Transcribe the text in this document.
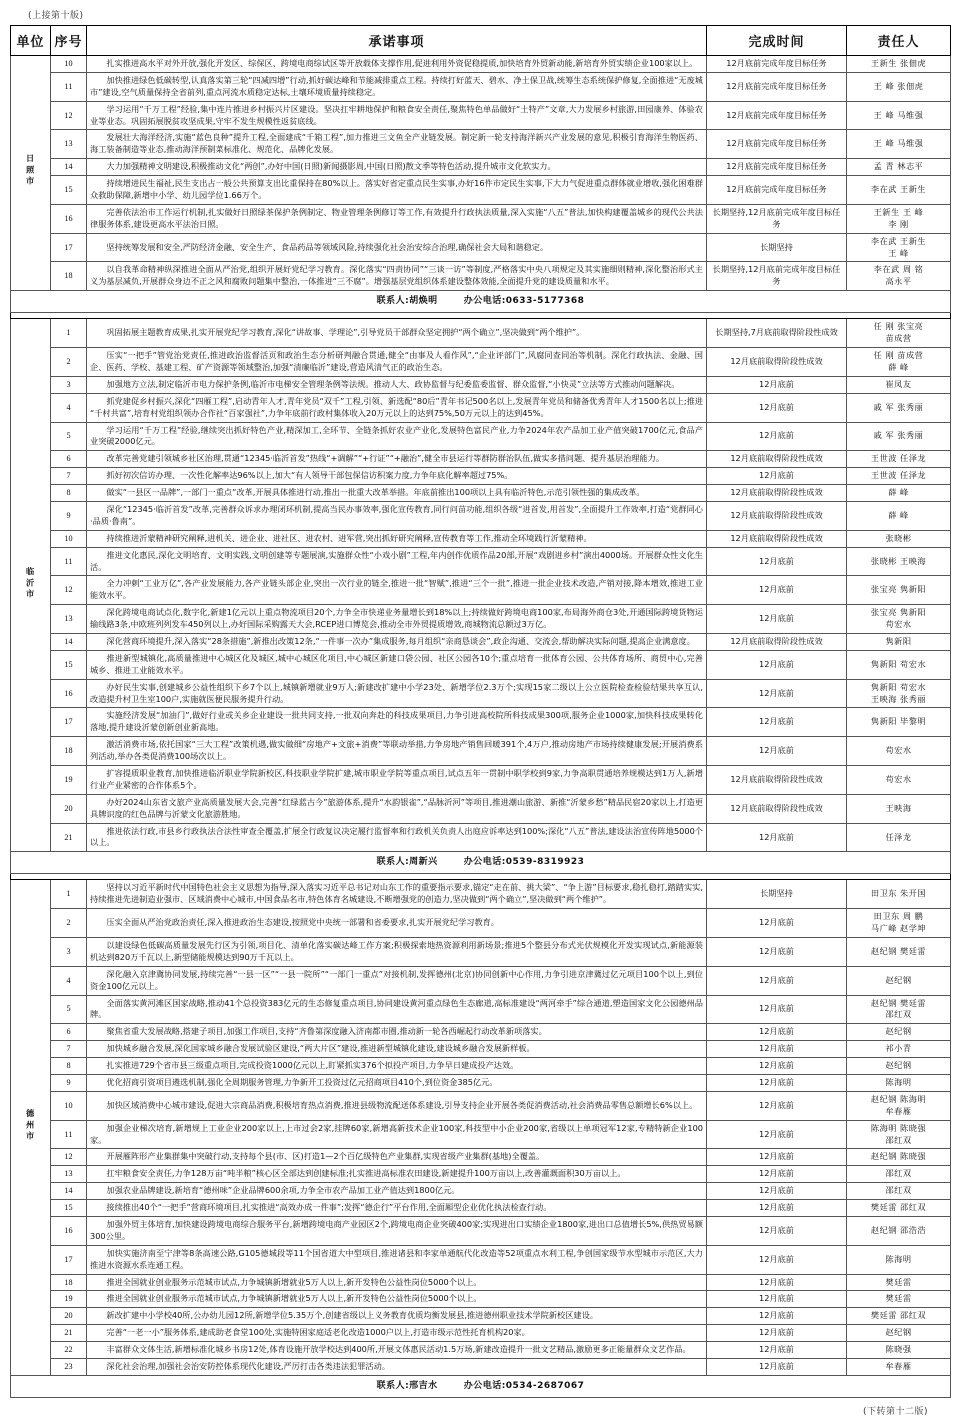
(上接第十版)
单位	序号	承诺事项	完成时间	责任人
日照市	10	扎实推进高水平对外开放,强化开发区、综保区、跨境电商综试区等开放载体支撑作用,促进利用外资促稳提质,加快培育外贸新动能,新培育外贸实绩企业100家以上。	12月底前完成年度目标任务	王新生 张佃虎
	11	加快推进绿色低碳转型,认真落实第三轮“四减四增”行动,抓好碳达峰和节能减排重点工程。持续打好蓝天、碧水、净土保卫战,统筹生态系统保护修复,全面推进“无废城市”建设,空气质量保持全省前列,重点河流水质稳定达标,土壤环境质量持续稳定。	12月底前完成年度目标任务	王 峰 张佃虎
	12	学习运用“千万工程”经验,集中连片推进乡村振兴片区建设。坚决扛牢耕地保护和粮食安全责任,聚焦特色单品做好“土特产”文章,大力发展乡村旅游,田园康养、体验农业等业态。巩固拓展脱贫攻坚成果,守牢不发生规模性返贫底线。	12月底前完成年度目标任务	王 峰 马维强
	13	发展壮大海洋经济,实施“蓝色良种”提升工程,全面建成“千箱工程”,加力推进三文鱼全产业链发展。制定新一轮支持海洋新兴产业发展的意见,积极引育海洋生物医药、海工装备制造等业态,推动海洋预制菜标准化、规范化、品牌化发展。	12月底前完成年度目标任务	王 峰 马维强
	14	大力加强精神文明建设,积极推动文化“两创”,办好中国(日照)新闻摄影周,中国(日照)散文季等特色活动,提升城市文化软实力。	12月底前完成年度目标任务	孟 青 林志平
	15	持续增进民生福祉,民生支出占一般公共预算支出比重保持在80%以上。落实好省定重点民生实事,办好16件市定民生实事,下大力气促进重点群体就业增收,强化困难群众救助保障,新增中小学、幼儿园学位1.66万个。	12月底前完成年度目标任务	李在武 王新生
	16	完善依法治市工作运行机制,扎实做好日照绿茶保护条例制定、物业管理条例修订等工作,有效提升行政执法质量,深入实施“八五”普法,加快构建覆盖城乡的现代公共法律服务体系,建设更高水平法治日照。	长期坚持,12月底前完成年度目标任务	王新生 王 峰
李 刚
	17	坚持统筹发展和安全,严防经济金融、安全生产、食品药品等领域风险,持续强化社会治安综合治理,确保社会大局和谐稳定。	长期坚持	李在武 王新生
王 峰
	18	以自我革命精神纵深推进全面从严治党,组织开展好党纪学习教育。深化落实“四责协同”“三谈一访”等制度,严格落实中央八项规定及其实施细则精神,深化整治形式主义为基层减负,开展群众身边不正之风和腐败问题集中整治,一体推进“三不腐”。增强基层党组织体系建设整体效能,全面提升党的建设质量和水平。	长期坚持,12月底前完成年度目标任务	李在武 周 铭
高永平
联系人:胡焕明 办公电话:0633-5177368				

临沂市	1	巩固拓展主题教育成果,扎实开展党纪学习教育,深化“讲故事、学理论”,引导党员干部群众坚定拥护“两个确立”,坚决做到“两个维护”。	长期坚持,7月底前取得阶段性成效	任 刚 张宝亮
苗成营
	2	压实“一把手”管党治党责任,推进政治监督活页和政治生态分析研判融合贯通,健全“由事及人看作风”,“企业评部门”,风腐同查同治等机制。深化行政执法、金融、国企、医药、学校、基建工程、矿产资源等领域整治,加强“清廉临沂”建设,营造风清气正的政治生态。	12月底前取得阶段性成效	任 刚 苗成营
薛 峰
	3	加强地方立法,制定临沂市电力保护条例,临沂市电梯安全管理条例等法规。推动人大、政协监督与纪委监委监督、群众监督,“小快灵”立法等方式推动问题解决。	12月底前	崔凤友
	4	抓党建促乡村振兴,深化“四雁工程”,启动青年人才,青年党员“双千”工程,引领、新选配“80后”青年书记500名以上,发展青年党员和储备优秀青年人才1500名以上;推进“千村共富”,培育村党组织领办合作社“百家强社”,力争年底前行政村集体收入20万元以上的达到75%,50万元以上的达到45%。	12月底前	戚 军 张秀丽
	5	学习运用“千万工程”经验,继续突出抓好特色产业,精深加工,全环节、全链条抓好农业产业化,发展特色富民产业,力争2024年农产品加工业产值突破1700亿元,食品产业突破2000亿元。	12月底前	戚 军 张秀丽
	6	改革完善党建引领城乡社区治理,贯通“12345·临沂首发”热线“+调解”“+行证”“+融治”,健全市县运行等群防群治队伍,做实多措问题、提升基层治理能力。	12月底前取得阶段性成效	王世波 任泽龙
	7	抓好初次信访办理、一次性化解率达96%以上,加大“有人领导干部包保信访积案力度,力争年底化解率超过75%。	12月底前	王世波 任泽龙
	8	做实“一县区一品牌”,一部门一重点“改革,开展具体推进行动,推出一批重大改革举措。年底前推出100项以上具有临沂特色,示范引领性强的集成改革。	12月底前取得阶段性成效	薛 峰
	9	深化“12345·临沂首发”改革,完善群众诉求办理闭环机制,提高当民办事效率,强化宣传教育,同行问苗功能,组织各级“进首发,用首发”,全面提升工作效率,打造“党群同心·品质·鲁南”。	12月底前取得阶段性成效	薛 峰
	10	持续推进沂蒙精神研究阐释,进机关、进企业、进社区、进农村、进军营,突出抓好研究阐释,宣传教育等工作,推动全环境践行沂蒙精神。	12月底前取得阶段性成效	张晓彬
	11	推进文化惠民,深化文明培育、文明实践,文明创建等专题展演,实施群众性“小戏小剧”工程,年内创作优质作品20部,开展“戏剧进乡村”演出4000场。开展群众性文化生活。	12月底前	张晓彬 王映海
	12	全力冲刺“工业万亿”,各产业发展能力,各产业链头部企业,突出一次行业的链全,推进一批“智赋”,推进“三个一批”,推进一批企业技术改造,产销对接,降本增效,推进工业能效水平。	12月底前	张宝亮 隽新阳
	13	深化跨境电商试点化,数字化,新建1亿元以上重点物流项目20个,力争全市快递业务量增长到18%以上;持续做好跨境电商100家,布局海外商仓3处,开通国际跨境货物运输线路3条,中欧班列列发车450列以上,办好国际采购露天大会,RCEP进口博览会,推动全市外贸提质增效,商城物流总额过3万亿。	12月底前	张宝亮 隽新阳
苟宏水
	14	深化营商环境提升,深入落实“28条措施”,新推出改策12条,“一件事一次办”集成服务,每月组织“亲商恳谈会”,政企沟通、交流会,帮助解决实际问题,提高企业满意度。	12月底前取得阶段性成效	隽新阳
	15	推进新型城镇化,高质量推进中心城区化及城区,城中心城区化项目,中心城区新建口袋公园、社区公园各10个;重点培育一批体育公园、公共体育场所、商贸中心,完善城乡、推进工业能效水平。	12月底前	隽新阳 苟宏水
	16	办好民生实事,创建城乡公益性组织下乡7个以上,城镇新增就业9万人;新建改扩建中小学23处、新增学位2.3万个;实现15家二级以上公立医院检查检验结果共享互认,改造提升村卫生室100户,实施就医便民服务提升行动。	12月底前	隽新阳 苟宏水
王映海 张秀丽
	17	实施经济发展“加油门”,做好行业或关乡企业建设一批共同支持,一批双向奔赴的科技成果项目,力争引进高校院所科技成果300项,服务企业1000家,加快科技成果转化落地,提升建设沂蒙创新创业新高地。	12月底前	隽新阳 毕黎明
	18	激活消费市场,依托国家“三大工程”改策机遇,做实做细“房地产+文旅+消费”等联动举措,力争房地产销售回暖391个,4万户,推动房地产市场持续健康发展;开展消费系列活动,举办各类促消费100场次以上。	12月底前	苟宏水
	19	扩容提质职业教育,加快推进临沂职业学院新校区,科技职业学院扩建,城市职业学院等重点项目,试点五年一贯制中职学校到9家,力争高职贯通培养规模达到1万人,新增行业产业紧密的合作体系5个。	12月底前取得阶段性成效	苟宏水
	20	办好2024山东省文旅产业高质量发展大会,完善“红绿蓝古今”旅游体系,提升“水韵银雀”,“品脉沂河”等项目,推进潮山旅游、新推“沂蒙乡愁”精品民宿20家以上,打造更具牌识度的红色品牌与沂蒙文化旅游胜地。	12月底前取得阶段性成效	王映海
	21	推进依法行政,市县乡行政执法合法性审查全覆盖,扩展全行政复议决定履行监督率和行政机关负责人出庭应诉率达到100%;深化“八五”普法,建设法治宣传阵地5000个以上。	12月底前	任泽龙
联系人:周新兴 办公电话:0539-8319923				

德州市	1	坚持以习近平新时代中国特色社会主义思想为指导,深入落实习近平总书记对山东工作的重要指示要求,锚定“走在前、挑大梁”、“争上游”目标要求,稳扎稳打,踏踏实实,持续推进先进制造业强市、区域消费中心城市,中国食品名市,特色体育名城建设,不断增强党的创造力,坚决做到“两个确立”,坚决做到“两个维护”。	长期坚持	田卫东 朱开国
	2	压实全面从严治党政治责任,深入推进政治生态建设,按照党中央统一部署和省委要求,扎实开展党纪学习教育。	12月底前	田卫东 周 鹏
马广峰 赵学坤
	3	以建设绿色低碳高质量发展先行区为引领,项目化、清单化落实碳达峰工作方案;积极探索地热资源利用新场景;推进5个整县分布式光伏规模化开发实现试点,新能源装机达到820万千瓦以上,新型储能规模达到90万千瓦以上。	12月底前	赵纪钢 樊廷雷
	4	深化融入京津冀协同发展,持续完善“一县一区”“一县一院所”“一部门一重点”对接机制,发挥德州(北京)协同创新中心作用,力争引进京津冀过亿元项目100个以上,到位资金100亿元以上。	12月底前	赵纪钢
	5	全面落实黄河滩区国家战略,推动41个总投资383亿元的生态修复重点项目,协同建设黄河重点绿色生态廊道,高标准建设“两河牵手”综合通道,塑造国家文化公园德州品牌。	12月底前	赵纪钢 樊廷雷
邵红双
	6	聚焦省重大发展战略,搭建子项目,加强工作项目,支持“齐鲁第深度融入济南都市圈,推动新一轮各西崛起行动改革新项落实。	12月底前	赵纪钢
	7	加快城乡融合发展,深化国家城乡融合发展试验区建设,“两大片区”建设,推进新型城镇化建设,建设城乡融合发展新样板。	12月底前	祁小青
	8	扎实推进729个省市县三级重点项目,完成投资1000亿元以上,盯紧抓实376个拟投产项目,力争早日建成投产达效。	12月底前	赵纪钢
	9	优化招商引资项目遴选机制,强化全周期服务管理,力争新开工投资过亿元招商项目410个,到位资金385亿元。	12月底前	陈海明
	10	加快区域消费中心城市建设,促进大宗商品消费,积极培育热点消费,推进县级物流配送体系建设,引导支持企业开展各类促消费活动,社会消费品零售总额增长6%以上。	12月底前	赵纪钢 陈海明
牟春雁
	11	加强企业梯次培育,新增规上工业企业200家以上,上市过会2家,挂牌60家,新增高新技术企业100家,科技型中小企业200家,省级以上单项冠军12家,专精特新企业100家。	12月底前	陈海明 陈晓强
邵红双
	12	开展雁阵形产业集群集中突破行动,支持每个县(市、区)打造1—2个百亿级特色产业集群,实现省级产业集群(基地)全覆盖。	12月底前	赵纪钢 陈晓强
	13	扛牢粮食安全责任,力争128万亩“吨半粮”核心区全部达到创建标准;扎实推进高标准农田建设,新建提升100万亩以上,改善灌溉面积30万亩以上。	12月底前	邵红双
	14	加强农业品牌建设,新培育“德州味”企业品牌600余项,力争全市农产品加工业产值达到1800亿元。	12月底前	邵红双
	15	接续推出40个“一把手”营商环境项目,扎实推进“高效办成一件事”;发挥“德企行”平台作用,全面厢型企业优化执法检查行动。	12月底前	樊廷雷 邵红双
	16	加强外贸主体培育,加快建设跨境电商综合服务平台,新增跨境电商产业园区2个,跨境电商企业突破400家;实现进出口实绩企业1800家,进出口总值增长5%,供热贸易额300公里。	12月底前	赵纪钢 邵浩浩
	17	加快实施济南至宁津等8条高速公路,G105德城段等11个国省道大中型项目,推进诸县和李家单通航代化改造等52项重点水利工程,争创国家级节水型城市示范区,大力推进水资源水系连通工程。	12月底前	陈海明
	18	推进全国就业创业服务示范城市试点,力争城镇新增就业5万人以上,新开发特色公益性岗位5000个以上。	12月底前	樊廷雷
	19	推进全国就业创业服务示范城市试点,力争城镇新增就业5万人以上,新开发特色公益性岗位5000个以上。	12月底前	樊廷雷
	20	新改扩建中小学校40所,公办幼儿园12所,新增学位5.35万个,创建省级以上义务教育优质均衡发展县,推进德州职业技术学院新校区建设。	12月底前	樊廷雷 邵红双
	21	完善“一老一小”服务体系,建成助老食堂100处,实施特困家庭适老化改造1000户以上,打造市级示范性托育机构20家。	12月底前	赵纪钢
	22	丰富群众文体生活,新增标准化城乡书房12处,体育设施开放学校达到400所,开展文体惠民活动1.5万场,新建改造提升一批文艺精品,激励更多正能量群众文艺作品。	12月底前	陈晓强
	23	深化社会治理,加强社会治安防控体系现代化建设,严厉打击各类违法犯罪活动。	12月底前	牟春雁
联系人:邢吉水 办公电话:0534-2687067				
(下转第十二版)
